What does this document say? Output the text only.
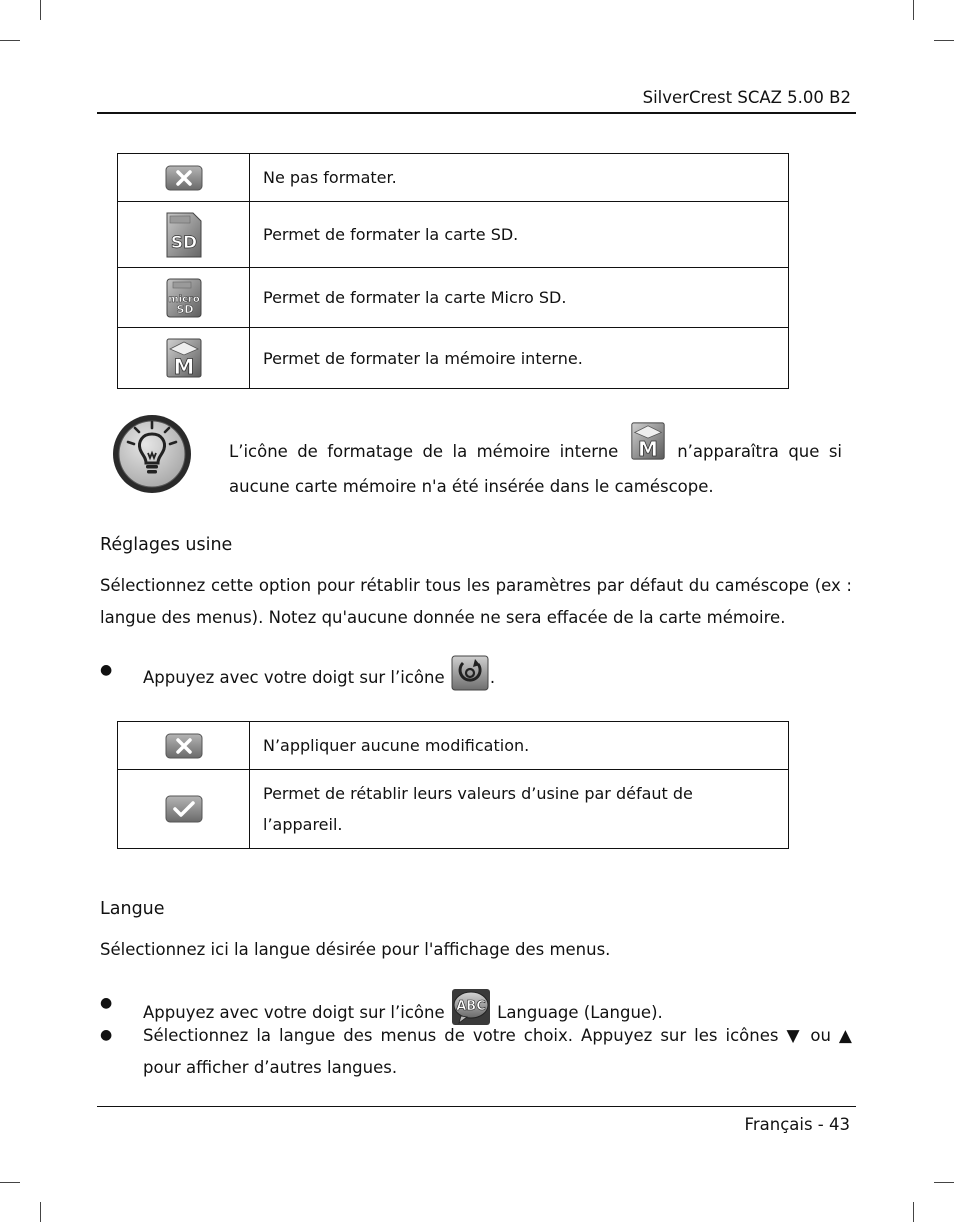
SilverCrest SCAZ 5.00 B2
	Ne pas formater.

SD	Permet de formater la carte SD.

micro
SD	Permet de formater la carte Micro SD.

M	Permet de formater la mémoire interne.
L’icône de formatage de la mémoire interne M n’apparaîtra que si aucune carte mémoire n'a été insérée dans le caméscope.
Réglages usine
Sélectionnez cette option pour rétablir tous les paramètres par défaut du caméscope (ex : langue des menus). Notez qu'aucune donnée ne sera effacée de la carte mémoire.
● Appuyez avec votre doigt sur l’icône	.
	N’appliquer aucune modification.

	Permet de rétablir leurs valeurs d’usine par défaut de l’appareil.
Langue
Sélectionnez ici la langue désirée pour l'affichage des menus.
● Appuyez avec votre doigt sur l’icône ABC Language (Langue).
● Sélectionnez la langue des menus de votre choix. Appuyez sur les icônes ▼ ou ▲ pour afficher d’autres langues.
Français - 43
